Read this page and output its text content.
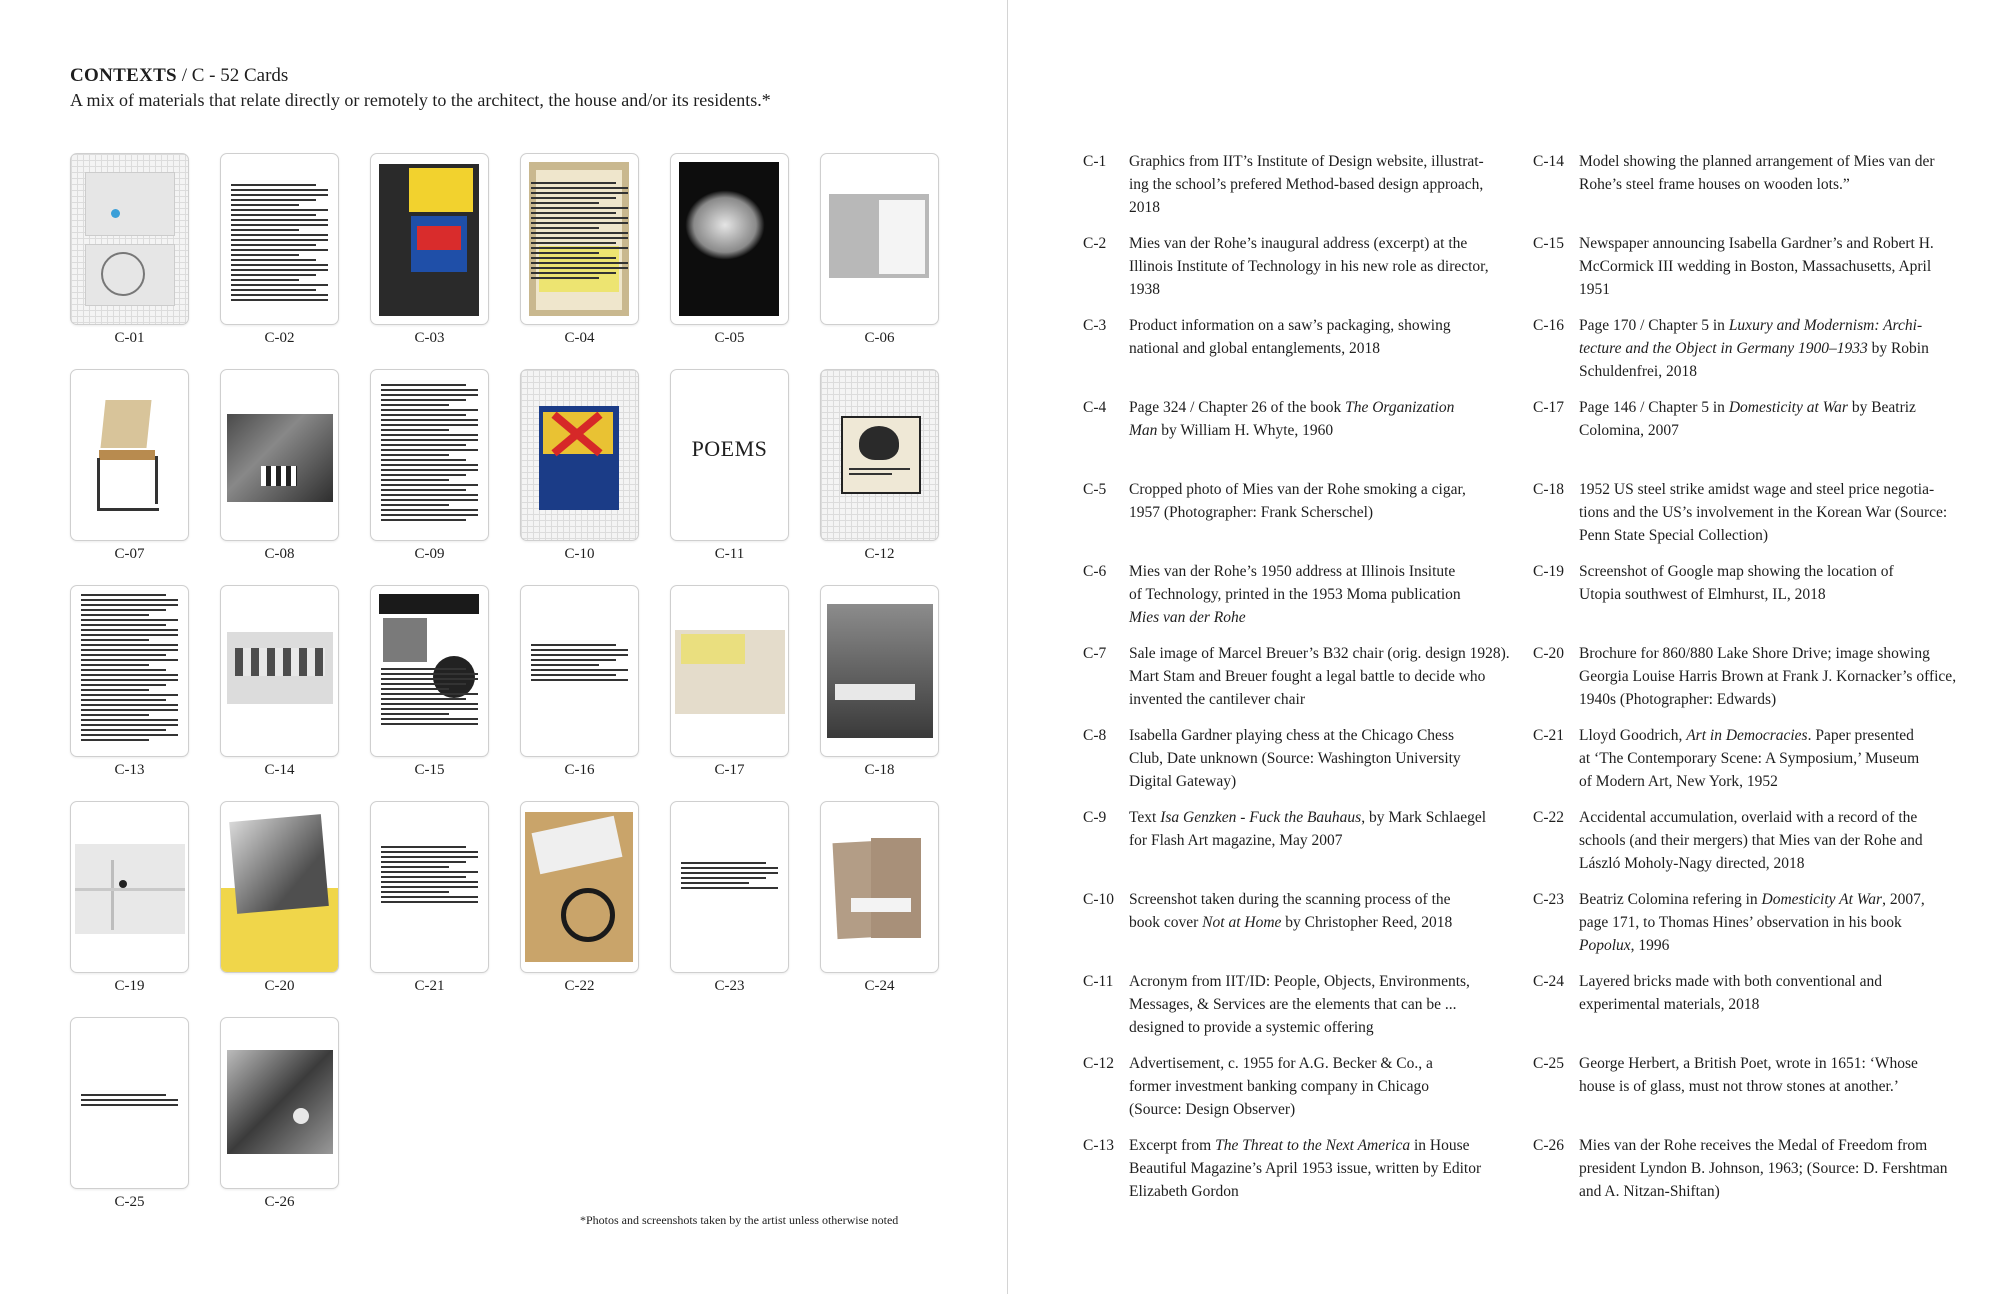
CONTEXTS / C - 52 Cards
A mix of materials that relate directly or remotely to the architect, the house and/or its residents.*
C-01	C-02	C-03	C-04	C-05	C-06
C-07	C-08	C-09	C-10
POEMS
C-11	C-12
C-13	C-14	C-15	C-16	C-17	C-18
C-19	C-20	C-21	C-22	C-23	C-24
C-25	C-26
*Photos and screenshots taken by the artist unless otherwise noted
C-1	Graphics from IIT’s Institute of Design website, illustrat-
ing the school’s prefered Method-based design approach,
2018
C-2	Mies van der Rohe’s inaugural address (excerpt) at the
Illinois Institute of Technology in his new role as director,
1938
C-3	Product information on a saw’s packaging, showing
national and global entanglements, 2018
C-4	Page 324 / Chapter 26 of the book The Organization
Man by William H. Whyte, 1960
C-5	Cropped photo of Mies van der Rohe smoking a cigar,
1957 (Photographer: Frank Scherschel)
C-6	Mies van der Rohe’s 1950 address at Illinois Insitute
of Technology, printed in the 1953 Moma publication
Mies van der Rohe
C-7	Sale image of Marcel Breuer’s B32 chair (orig. design 1928).
Mart Stam and Breuer fought a legal battle to decide who
invented the cantilever chair
C-8	Isabella Gardner playing chess at the Chicago Chess
Club, Date unknown (Source: Washington University
Digital Gateway)
C-9	Text Isa Genzken - Fuck the Bauhaus, by Mark Schlaegel
for Flash Art magazine, May 2007
C-10 Screenshot taken during the scanning process of the
book cover Not at Home by Christopher Reed, 2018
C-11	Acronym from IIT/ID: People, Objects, Environments,
Messages, & Services are the elements that can be ...
designed to provide a systemic offering
C-12 Advertisement, c. 1955 for A.G. Becker & Co., a
former investment banking company in Chicago
(Source: Design Observer)
C-13 Excerpt from The Threat to the Next America in House
Beautiful Magazine’s April 1953 issue, written by Editor
Elizabeth Gordon
C-14 Model showing the planned arrangement of Mies van der
Rohe’s steel frame houses on wooden lots.”
C-15 Newspaper announcing Isabella Gardner’s and Robert H.
McCormick III wedding in Boston, Massachusetts, April
1951
C-16 Page 170 / Chapter 5 in Luxury and Modernism: Archi-
tecture and the Object in Germany 1900–1933 by Robin
Schuldenfrei, 2018
C-17 Page 146 / Chapter 5 in Domesticity at War by Beatriz
Colomina, 2007
C-18 1952 US steel strike amidst wage and steel price negotia-
tions and the US’s involvement in the Korean War (Source:
Penn State Special Collection)
C-19 Screenshot of Google map showing the location of
Utopia southwest of Elmhurst, IL, 2018
C-20 Brochure for 860/880 Lake Shore Drive; image showing
Georgia Louise Harris Brown at Frank J. Kornacker’s office,
1940s (Photographer: Edwards)
C-21 Lloyd Goodrich, Art in Democracies. Paper presented
at ‘The Contemporary Scene: A Symposium,’ Museum
of Modern Art, New York, 1952
C-22 Accidental accumulation, overlaid with a record of the
schools (and their mergers) that Mies van der Rohe and
László Moholy-Nagy directed, 2018
C-23 Beatriz Colomina refering in Domesticity At War, 2007,
page 171, to Thomas Hines’ observation in his book
Popolux, 1996
C-24 Layered bricks made with both conventional and
experimental materials, 2018
C-25 George Herbert, a British Poet, wrote in 1651: ‘Whose
house is of glass, must not throw stones at another.’
C-26 Mies van der Rohe receives the Medal of Freedom from
president Lyndon B. Johnson, 1963; (Source: D. Fershtman
and A. Nitzan-Shiftan)
